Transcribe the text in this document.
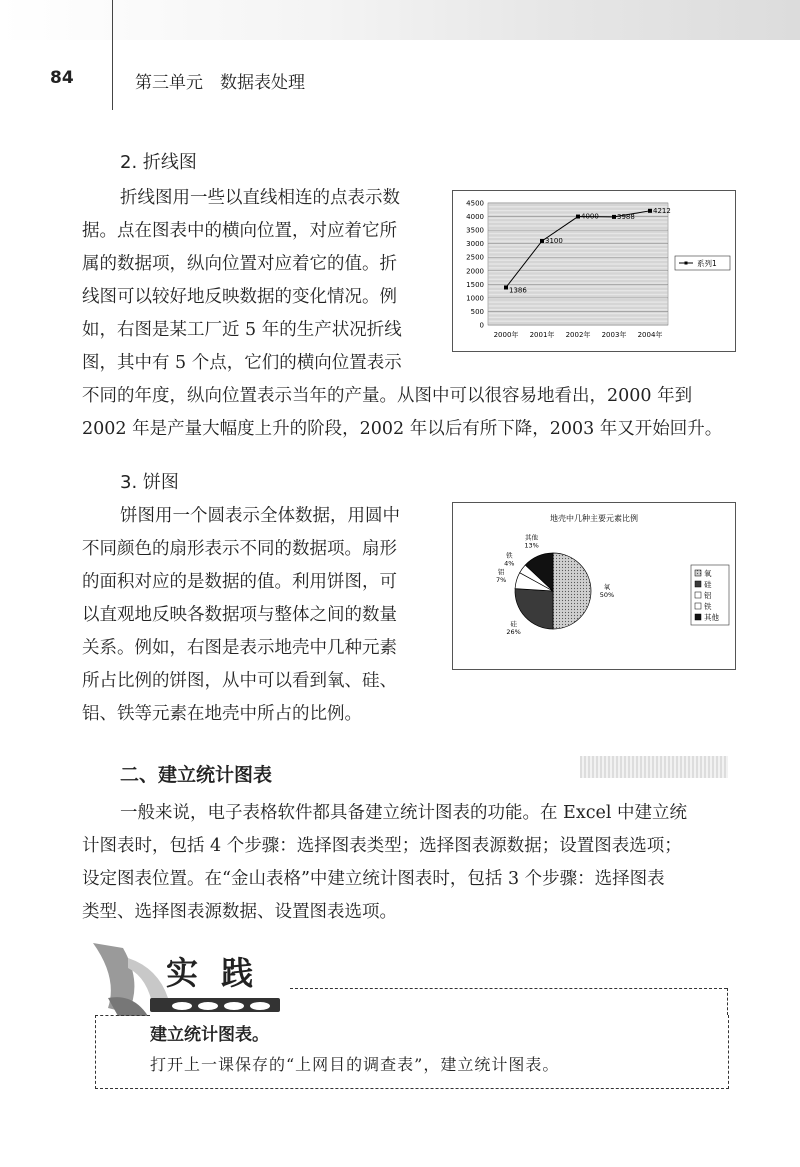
84	第三单元　数据表处理
2. 折线图
折线图用一些以直线相连的点表示数
据。点在图表中的横向位置，对应着它所
属的数据项，纵向位置对应着它的值。折
线图可以较好地反映数据的变化情况。例
如，右图是某工厂近 5 年的生产状况折线
图，其中有 5 个点，它们的横向位置表示
不同的年度，纵向位置表示当年的产量。从图中可以很容易地看出，2000 年到
2002 年是产量大幅度上升的阶段，2002 年以后有所下降，2003 年又开始回升。
0
500
1000
1500
2000
2500
3000
3500
4000
4500
1386
3100
4000	3988
4212
2000年 2001年 2002年 2003年 2004年
系列1
3. 饼图
饼图用一个圆表示全体数据，用圆中
不同颜色的扇形表示不同的数据项。扇形
的面积对应的是数据的值。利用饼图，可
以直观地反映各数据项与整体之间的数量
关系。例如，右图是表示地壳中几种元素
所占比例的饼图，从中可以看到氧、硅、
铝、铁等元素在地壳中所占的比例。
地壳中几种主要元素比例
氧
50%
硅
26%
铝
7%
铁
4%
其他
13%
氧
硅
铝
铁
其他
二、建立统计图表
一般来说，电子表格软件都具备建立统计图表的功能。在 Excel 中建立统
计图表时，包括 4 个步骤：选择图表类型；选择图表源数据；设置图表选项；
设定图表位置。在“金山表格”中建立统计图表时，包括 3 个步骤：选择图表
类型、选择图表源数据、设置图表选项。
实 践
建立统计图表。
打开上一课保存的“上网目的调查表”，建立统计图表。
